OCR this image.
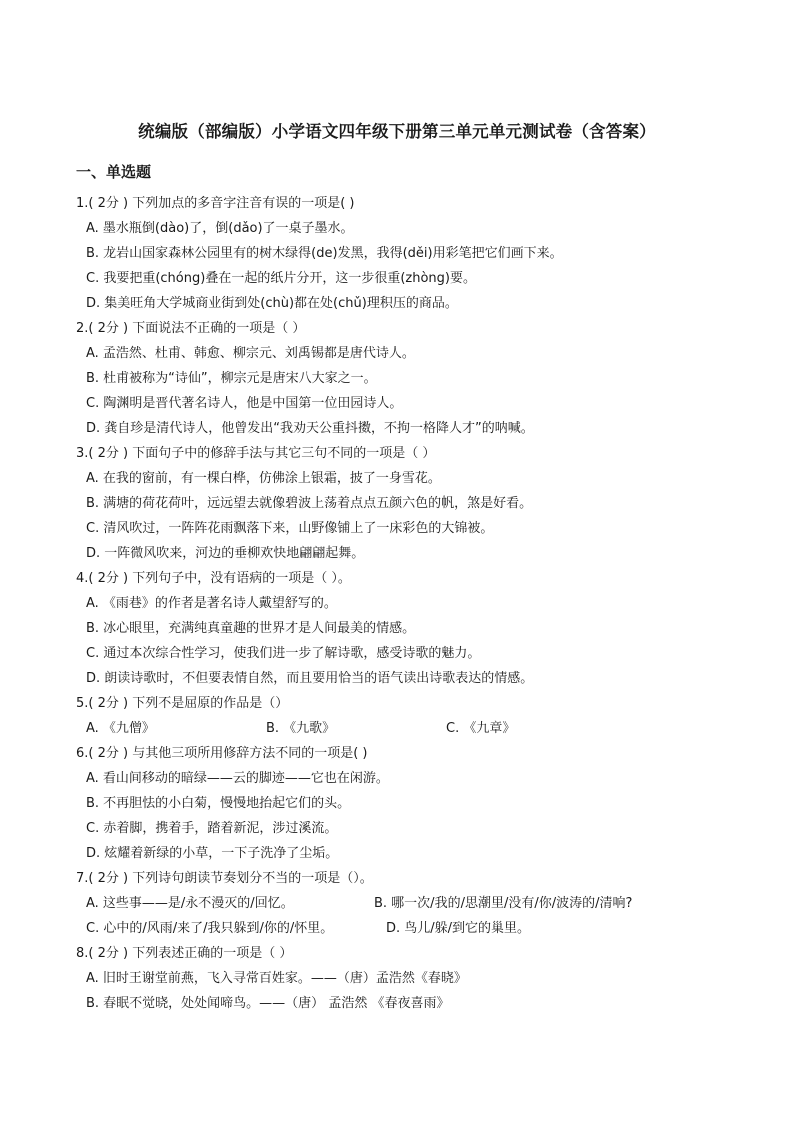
统编版（部编版）小学语文四年级下册第三单元单元测试卷（含答案）
一、单选题
1.( 2分 ) 下列加点的多音字注音有误的一项是( )
A. 墨水瓶倒(dào)了，倒(dǎo)了一桌子墨水。
B. 龙岩山国家森林公园里有的树木绿得(de)发黑，我得(děi)用彩笔把它们画下来。
C. 我要把重(chóng)叠在一起的纸片分开，这一步很重(zhòng)要。
D. 集美旺角大学城商业街到处(chù)都在处(chǔ)理积压的商品。
2.( 2分 ) 下面说法不正确的一项是（ ）
A. 孟浩然、杜甫、韩愈、柳宗元、刘禹锡都是唐代诗人。
B. 杜甫被称为“诗仙”，柳宗元是唐宋八大家之一。
C. 陶渊明是晋代著名诗人，他是中国第一位田园诗人。
D. 龚自珍是清代诗人，他曾发出“我劝天公重抖擞，不拘一格降人才”的呐喊。
3.( 2分 ) 下面句子中的修辞手法与其它三句不同的一项是（ ）
A. 在我的窗前，有一棵白桦，仿佛涂上银霜，披了一身雪花。
B. 满塘的荷花荷叶，远远望去就像碧波上荡着点点五颜六色的帆，煞是好看。
C. 清风吹过，一阵阵花雨飘落下来，山野像铺上了一床彩色的大锦被。
D. 一阵微风吹来，河边的垂柳欢快地翩翩起舞。
4.( 2分 ) 下列句子中，没有语病的一项是（ ）。
A. 《雨巷》的作者是著名诗人戴望舒写的。
B. 冰心眼里，充满纯真童趣的世界才是人间最美的情感。
C. 通过本次综合性学习，使我们进一步了解诗歌，感受诗歌的魅力。
D. 朗读诗歌时，不但要表情自然，而且要用恰当的语气读出诗歌表达的情感。
5.( 2分 ) 下列不是屈原的作品是（）
A. 《九僧》	B. 《九歌》	C. 《九章》
6.( 2分 ) 与其他三项所用修辞方法不同的一项是( )
A. 看山间移动的暗绿——云的脚迹——它也在闲游。
B. 不再胆怯的小白菊，慢慢地抬起它们的头。
C. 赤着脚，携着手，踏着新泥，涉过溪流。
D. 炫耀着新绿的小草，一下子洗净了尘垢。
7.( 2分 ) 下列诗句朗读节奏划分不当的一项是（）。
A. 这些事——是/永不漫灭的/回忆。	B. 哪一次/我的/思潮里/没有/你/波涛的/清响?
C. 心中的/风雨/来了/我只躲到/你的/怀里。	D. 鸟儿/躲/到它的巢里。
8.( 2分 ) 下列表述正确的一项是（ ）
A. 旧时王谢堂前燕，飞入寻常百姓家。——（唐）孟浩然《春晓》
B. 春眠不觉晓，处处闻啼鸟。——（唐） 孟浩然 《春夜喜雨》
